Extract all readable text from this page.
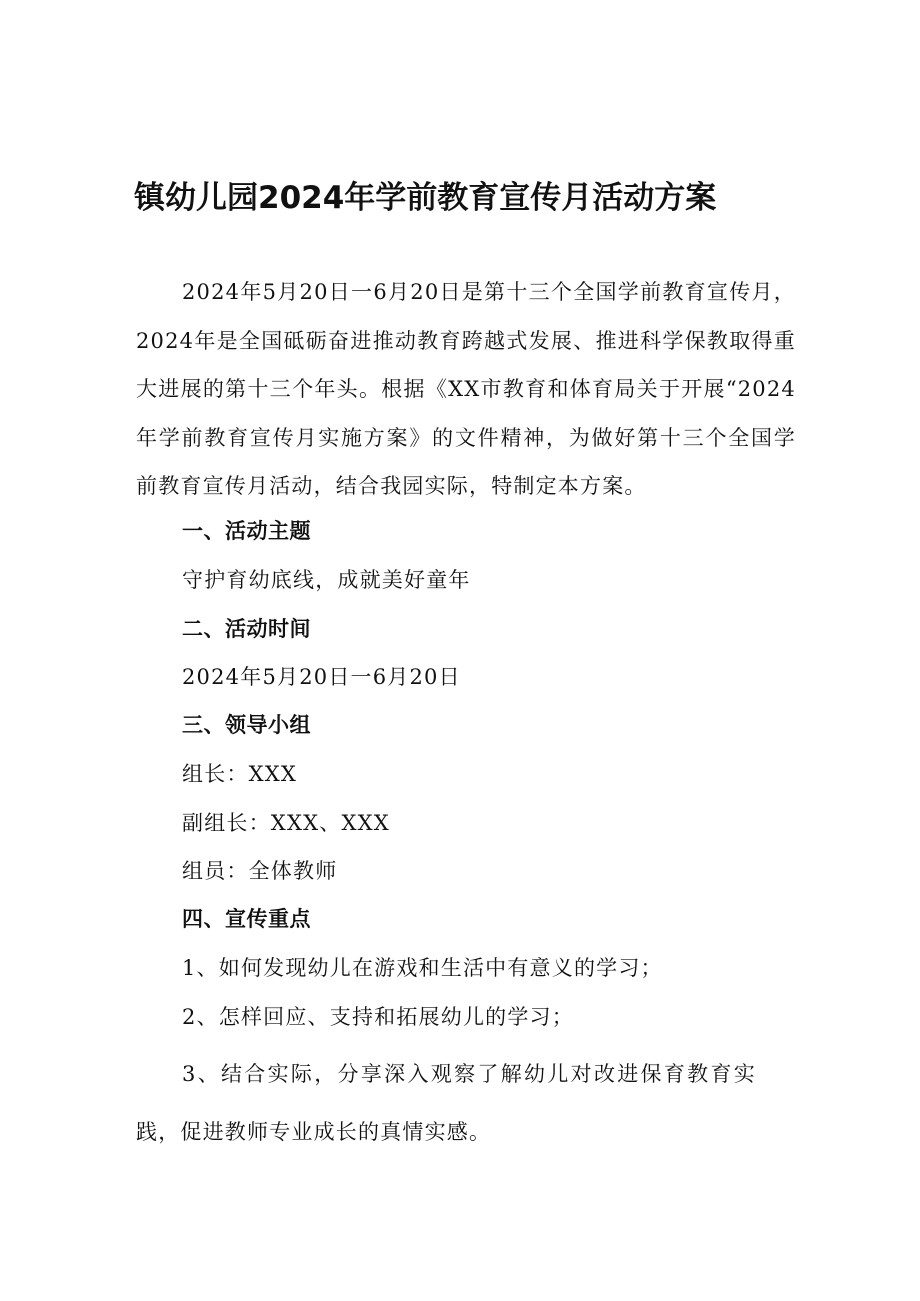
镇幼儿园2024年学前教育宣传月活动方案

2024年5月20日一6月20日是第十三个全国学前教育宣传月，2024年是全国砥砺奋进推动教育跨越式发展、推进科学保教取得重大进展的第十三个年头。根据《XX市教育和体育局关于开展“2024年学前教育宣传月实施方案》的文件精神，为做好第十三个全国学前教育宣传月活动，结合我园实际，特制定本方案。

一、活动主题

守护育幼底线，成就美好童年

二、活动时间

2024年5月20日一6月20日

三、领导小组

组长：XXX

副组长：XXX、XXX

组员：全体教师

四、宣传重点

1、如何发现幼儿在游戏和生活中有意义的学习；

2、怎样回应、支持和拓展幼儿的学习；

3、结合实际，分享深入观察了解幼儿对改进保育教育实践，促进教师专业成长的真情实感。
